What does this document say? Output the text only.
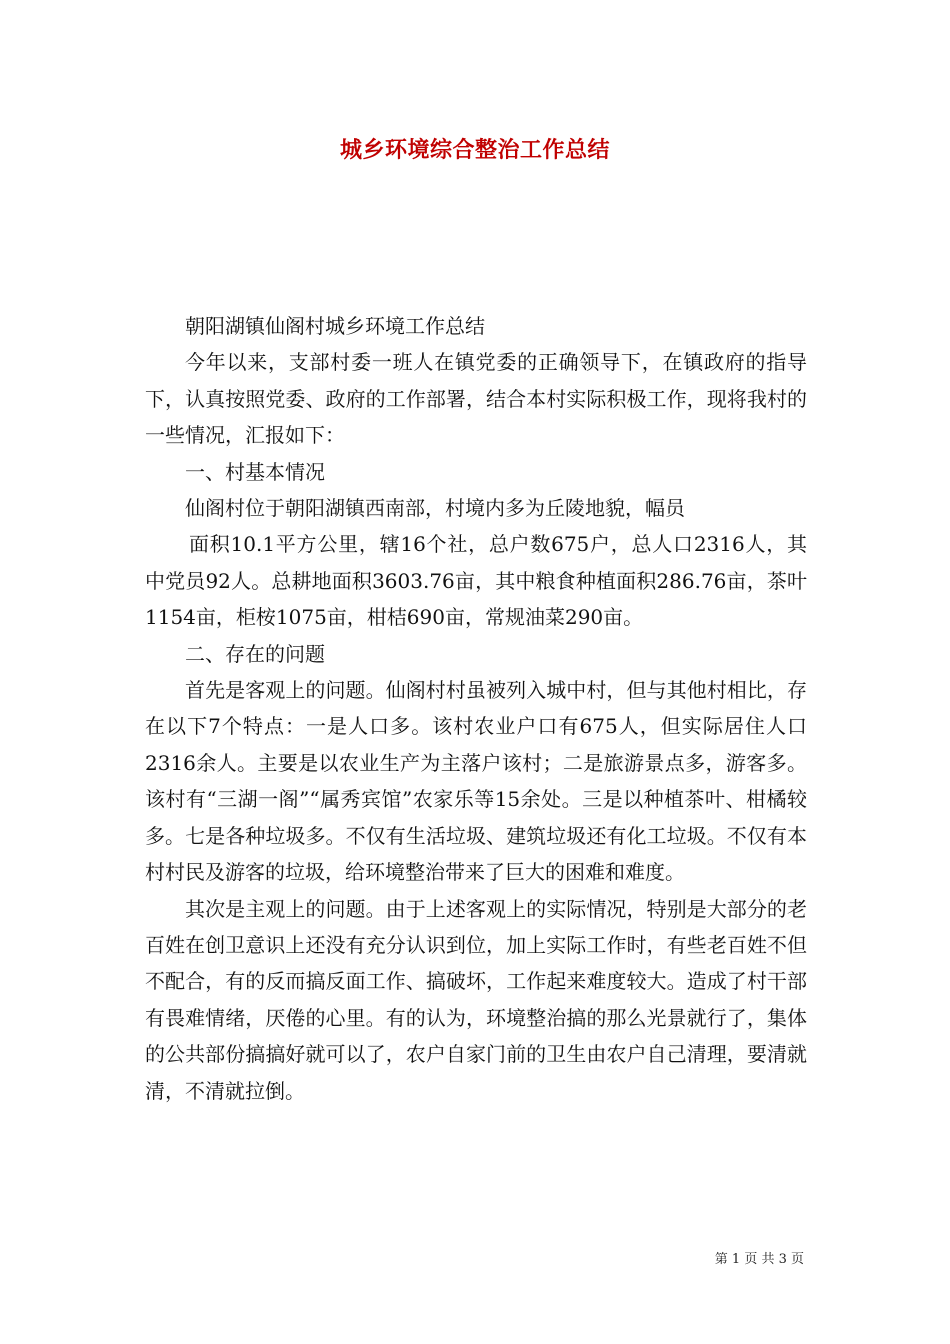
城乡环境综合整治工作总结

朝阳湖镇仙阁村城乡环境工作总结

今年以来，支部村委一班人在镇党委的正确领导下，在镇政府的指导下，认真按照党委、政府的工作部署，结合本村实际积极工作，现将我村的一些情况，汇报如下：

一、村基本情况

仙阁村位于朝阳湖镇西南部，村境内多为丘陵地貌，幅员

面积10.1平方公里，辖16个社，总户数675户，总人口2316人，其中党员92人。总耕地面积3603.76亩，其中粮食种植面积286.76亩，茶叶1154亩，柜桉1075亩，柑桔690亩，常规油菜290亩。

二、存在的问题

首先是客观上的问题。仙阁村村虽被列入城中村，但与其他村相比，存在以下7个特点：一是人口多。该村农业户口有675人，但实际居住人口2316余人。主要是以农业生产为主落户该村；二是旅游景点多，游客多。该村有“三湖一阁”“属秀宾馆”农家乐等15余处。三是以种植茶叶、柑橘较多。七是各种垃圾多。不仅有生活垃圾、建筑垃圾还有化工垃圾。不仅有本村村民及游客的垃圾，给环境整治带来了巨大的困难和难度。

其次是主观上的问题。由于上述客观上的实际情况，特别是大部分的老百姓在创卫意识上还没有充分认识到位，加上实际工作时，有些老百姓不但不配合，有的反而搞反面工作、搞破坏，工作起来难度较大。造成了村干部有畏难情绪，厌倦的心里。有的认为，环境整治搞的那么光景就行了，集体的公共部份搞搞好就可以了，农户自家门前的卫生由农户自己清理，要清就清，不清就拉倒。

第 1 页 共 3 页
